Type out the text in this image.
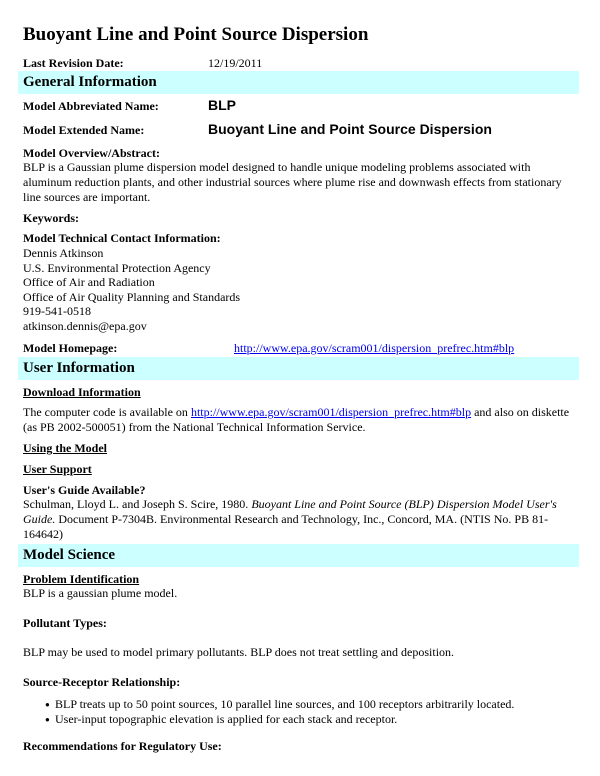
Buoyant Line and Point Source Dispersion
Last Revision Date:	12/19/2011
General Information
Model Abbreviated Name:	BLP
Model Extended Name:	Buoyant Line and Point Source Dispersion
Model Overview/Abstract:
BLP is a Gaussian plume dispersion model designed to handle unique modeling problems associated with aluminum reduction plants, and other industrial sources where plume rise and downwash effects from stationary line sources are important.
Keywords:
Model Technical Contact Information:
Dennis Atkinson
U.S. Environmental Protection Agency
Office of Air and Radiation
Office of Air Quality Planning and Standards
919-541-0518
atkinson.dennis@epa.gov
Model Homepage:	http://www.epa.gov/scram001/dispersion_prefrec.htm#blp
User Information
Download Information
The computer code is available on http://www.epa.gov/scram001/dispersion_prefrec.htm#blp and also on diskette (as PB 2002-500051) from the National Technical Information Service.
Using the Model
User Support
User's Guide Available?
Schulman, Lloyd L. and Joseph S. Scire, 1980. Buoyant Line and Point Source (BLP) Dispersion Model User's Guide. Document P-7304B. Environmental Research and Technology, Inc., Concord, MA. (NTIS No. PB 81-164642)
Model Science
Problem Identification
BLP is a gaussian plume model.
Pollutant Types:
BLP may be used to model primary pollutants. BLP does not treat settling and deposition.
Source-Receptor Relationship:
● BLP treats up to 50 point sources, 10 parallel line sources, and 100 receptors arbitrarily located.
● User-input topographic elevation is applied for each stack and receptor.
Recommendations for Regulatory Use:
